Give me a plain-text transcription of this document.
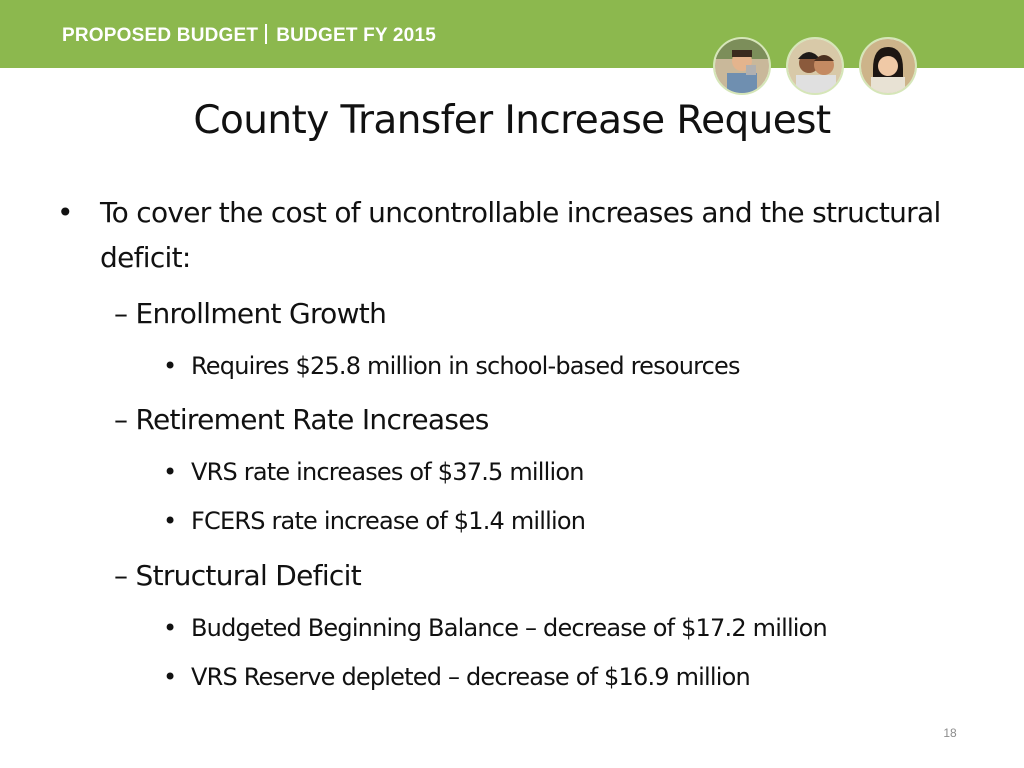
PROPOSED BUDGET BUDGET FY 2015
County Transfer Increase Request
• To cover the cost of uncontrollable increases and the structural deficit:
– Enrollment Growth
• Requires $25.8 million in school-based resources
– Retirement Rate Increases
• VRS rate increases of $37.5 million
• FCERS rate increase of $1.4 million
– Structural Deficit
• Budgeted Beginning Balance – decrease of $17.2 million
• VRS Reserve depleted – decrease of $16.9 million
18
